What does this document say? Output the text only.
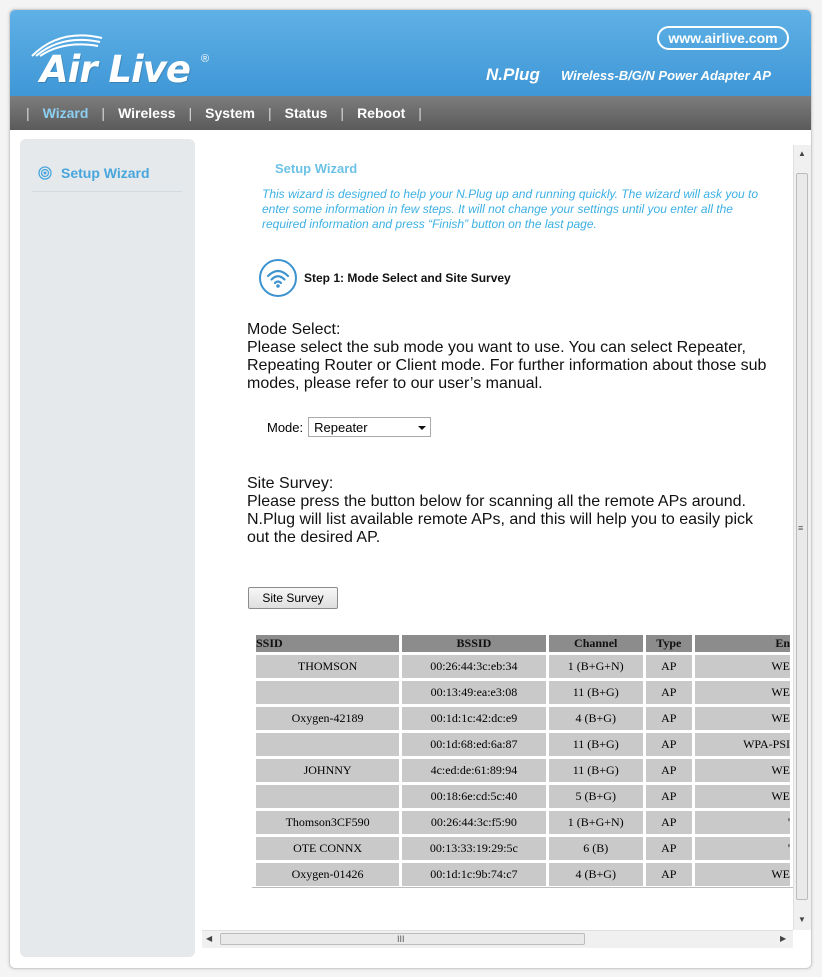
Air Live ®
www.airlive.com
N.Plug Wireless-B/G/N Power Adapter AP
| Wizard | Wireless | System | Status | Reboot |
Setup Wizard	Setup Wizard
This wizard is designed to help your N.Plug up and running quickly. The wizard will ask you to enter some information in few steps. It will not change your settings until you enter all the required information and press “Finish” button on the last page.
Step 1: Mode Select and Site Survey
Mode Select:
Please select the sub mode you want to use. You can select Repeater, Repeating Router or Client mode. For further information about those sub modes, please refer to our user’s manual.
Mode: Repeater
Site Survey:
Please press the button below for scanning all the remote APs around. N.Plug will list available remote APs, and this will help you to easily pick out the desired AP.
Site Survey
SSID	BSSID	Channel	Type	En
THOMSON	00:26:44:3c:eb:34	1 (B+G+N)	AP	WE
	00:13:49:ea:e3:08	11 (B+G)	AP	WE
Oxygen-42189	00:1d:1c:42:dc:e9	4 (B+G)	AP	WE
	00:1d:68:ed:6a:87	11 (B+G)	AP	WPA-PSI
JOHNNY	4c:ed:de:61:89:94	11 (B+G)	AP	WE
	00:18:6e:cd:5c:40	5 (B+G)	AP	WE
Thomson3CF590	00:26:44:3c:f5:90	1 (B+G+N)	AP	'
OTE CONNX	00:13:33:19:29:5c	6 (B)	AP	'
Oxygen-01426	00:1d:1c:9b:74:c7	4 (B+G)	AP	WE
▲
≡
▼
◀	III	▶
